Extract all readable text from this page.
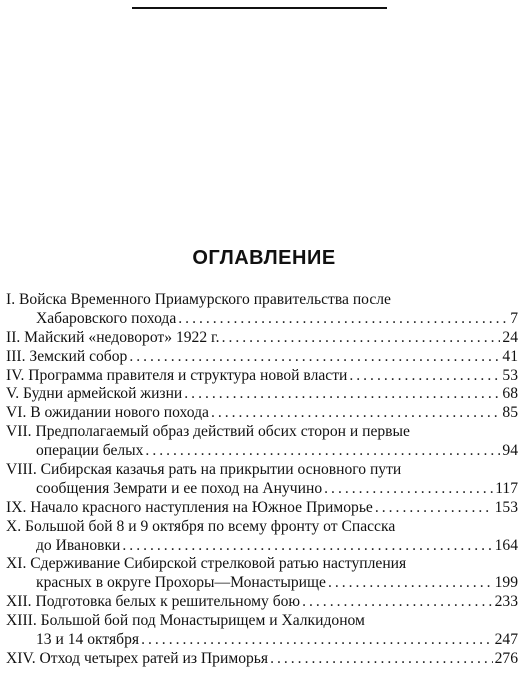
ОГЛАВЛЕНИЕ
I. Войска Временного Приамурского правительства после
Хабаровского похода .....	7
II. Майский «недоворот» 1922 г. .....	24
III. Земский собор .....	41
IV. Программа правителя и структура новой власти .....	53
V. Будни армейской жизни .....	68
VI. В ожидании нового похода .....	85
VII. Предполагаемый образ действий обсих сторон и первые
операции белых .....	94
VIII. Сибирская казачья рать на прикрытии основного пути
сообщения Земрати и ее поход на Анучино .....	117
IX. Начало красного наступления на Южное Приморье .....	153
X. Большой бой 8 и 9 октября по всему фронту от Спасска
до Ивановки .....	164
XI. Сдерживание Сибирской стрелковой ратью наступления
красных в округе Прохоры—Монастырище .....	199
XII. Подготовка белых к решительному бою .....	233
XIII. Большой бой под Монастырищем и Халкидоном
13 и 14 октября .....	247
XIV. Отход четырех ратей из Приморья .....	276
